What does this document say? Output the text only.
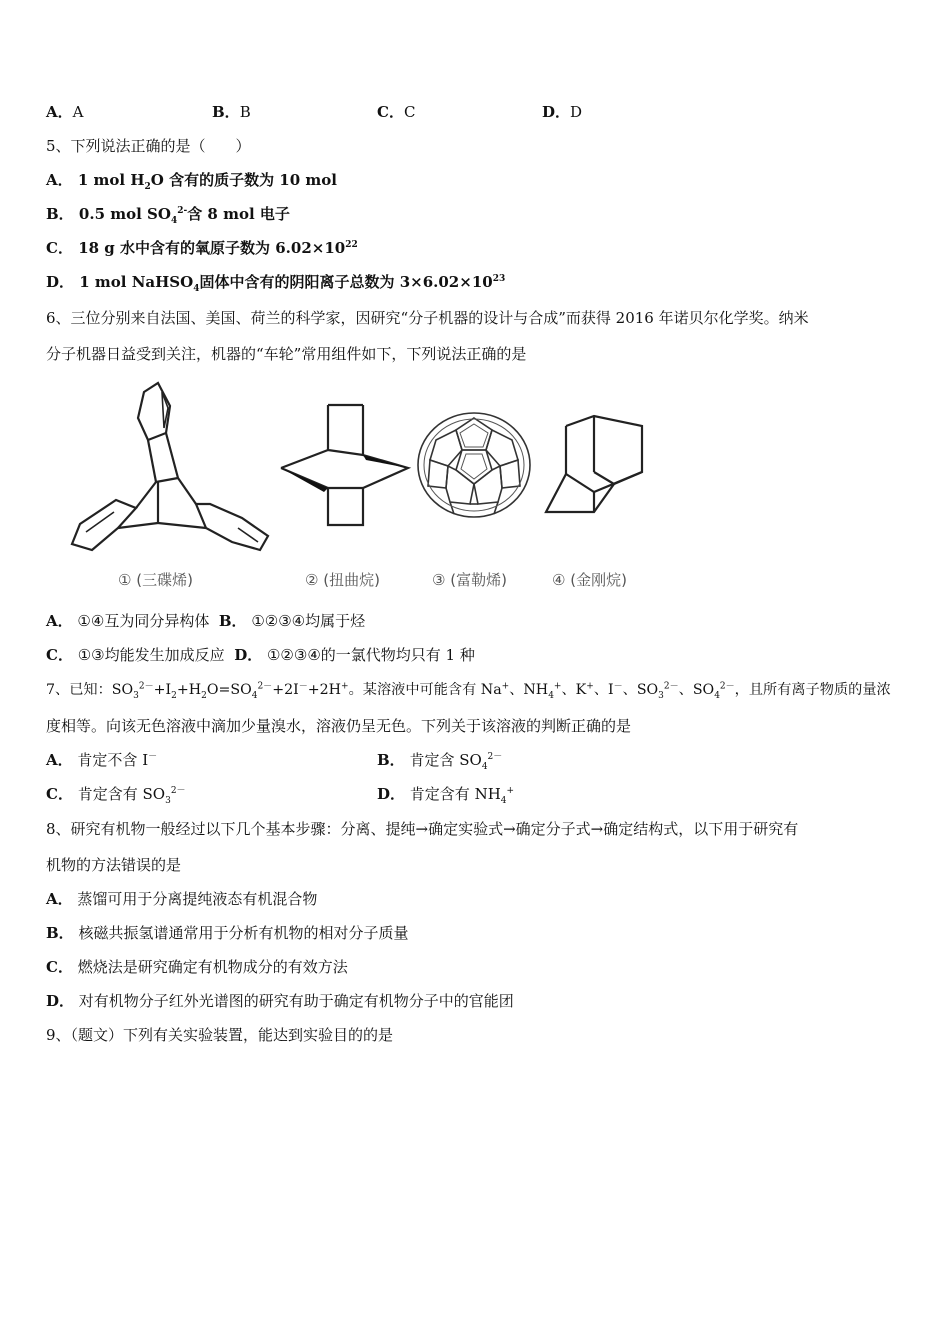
A．A	B．B	C．C	D．D
5、下列说法正确的是（　　）
A． 1 mol $H_2O$ 含有的质子数为 10 mol
B． 0.5 mol $SO_4^{2-}$含 8 mol 电子
C． 18 g 水中含有的氧原子数为 $6.02\times 10^{22}$
D． 1 mol NaHSO$_4$固体中含有的阴阳离子总数为 $3\times 6.02\times 10^{23}$
6、三位分别来自法国、美国、荷兰的科学家，因研究“分子机器的设计与合成”而获得 2016 年诺贝尔化学奖。纳米
分子机器日益受到关注，机器的“车轮”常用组件如下，下列说法正确的是
① (三碟烯)	② (扭曲烷)	③ (富勒烯)	④ (金刚烷)
A． ①④互为同分异构体 B． ①②③④均属于烃
C． ①③均能发生加成反应 D． ①②③④的一氯代物均只有 1 种
7、已知：$SO_3^{2-}+I_2+H_2O=SO_4^{2-}+2I^-+2H^+$。某溶液中可能含有 Na+、$NH_4^+$、K+、I－、$SO_3^{2-}$、$SO_4^{2-}$，且所有离子物质的量浓
度相等。向该无色溶液中滴加少量溴水，溶液仍呈无色。下列关于该溶液的判断正确的是
A． 肯定不含 I－	B． 肯定含 $SO_4^{2-}$
C． 肯定含有 $SO_3^{2-}$	D． 肯定含有 $NH_4^+$
8、研究有机物一般经过以下几个基本步骤：分离、提纯→确定实验式→确定分子式→确定结构式，以下用于研究有
机物的方法错误的是
A． 蒸馏可用于分离提纯液态有机混合物
B． 核磁共振氢谱通常用于分析有机物的相对分子质量
C． 燃烧法是研究确定有机物成分的有效方法
D． 对有机物分子红外光谱图的研究有助于确定有机物分子中的官能团
9、（题文）下列有关实验装置，能达到实验目的的是
